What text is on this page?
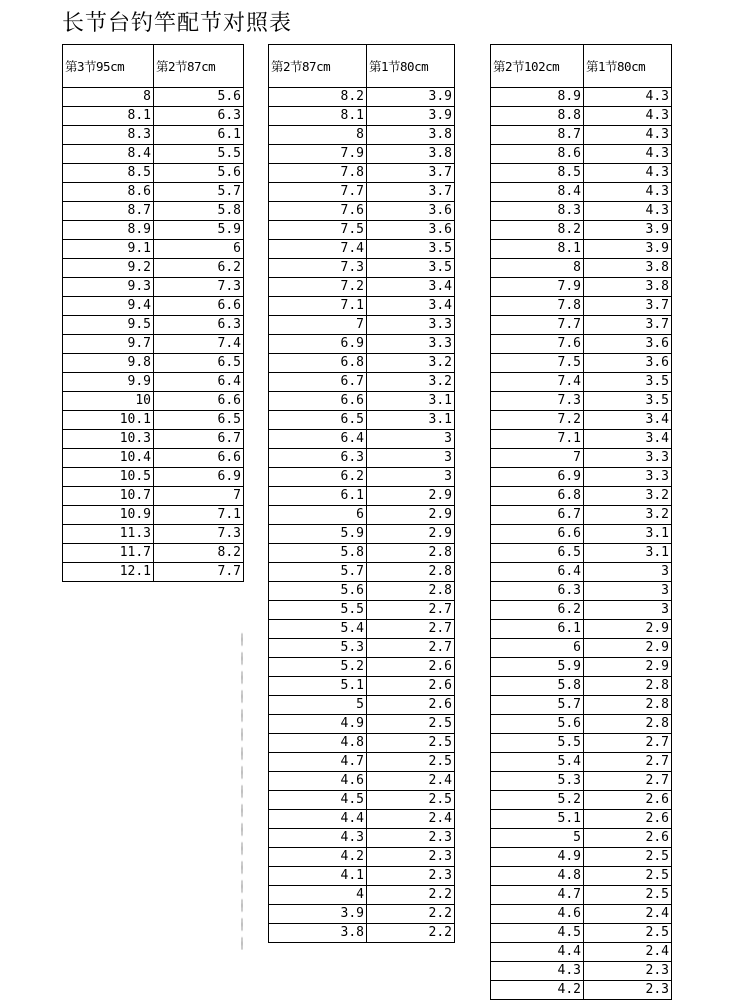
长节台钓竿配节对照表
第3节95cm	第2节87cm
8	5.6
8.1	6.3
8.3	6.1
8.4	5.5
8.5	5.6
8.6	5.7
8.7	5.8
8.9	5.9
9.1	6
9.2	6.2
9.3	7.3
9.4	6.6
9.5	6.3
9.7	7.4
9.8	6.5
9.9	6.4
10	6.6
10.1	6.5
10.3	6.7
10.4	6.6
10.5	6.9
10.7	7
10.9	7.1
11.3	7.3
11.7	8.2
12.1	7.7
第2节87cm	第1节80cm
8.2	3.9
8.1	3.9
8	3.8
7.9	3.8
7.8	3.7
7.7	3.7
7.6	3.6
7.5	3.6
7.4	3.5
7.3	3.5
7.2	3.4
7.1	3.4
7	3.3
6.9	3.3
6.8	3.2
6.7	3.2
6.6	3.1
6.5	3.1
6.4	3
6.3	3
6.2	3
6.1	2.9
6	2.9
5.9	2.9
5.8	2.8
5.7	2.8
5.6	2.8
5.5	2.7
5.4	2.7
5.3	2.7
5.2	2.6
5.1	2.6
5	2.6
4.9	2.5
4.8	2.5
4.7	2.5
4.6	2.4
4.5	2.5
4.4	2.4
4.3	2.3
4.2	2.3
4.1	2.3
4	2.2
3.9	2.2
3.8	2.2
第2节102cm	第1节80cm
8.9	4.3
8.8	4.3
8.7	4.3
8.6	4.3
8.5	4.3
8.4	4.3
8.3	4.3
8.2	3.9
8.1	3.9
8	3.8
7.9	3.8
7.8	3.7
7.7	3.7
7.6	3.6
7.5	3.6
7.4	3.5
7.3	3.5
7.2	3.4
7.1	3.4
7	3.3
6.9	3.3
6.8	3.2
6.7	3.2
6.6	3.1
6.5	3.1
6.4	3
6.3	3
6.2	3
6.1	2.9
6	2.9
5.9	2.9
5.8	2.8
5.7	2.8
5.6	2.8
5.5	2.7
5.4	2.7
5.3	2.7
5.2	2.6
5.1	2.6
5	2.6
4.9	2.5
4.8	2.5
4.7	2.5
4.6	2.4
4.5	2.5
4.4	2.4
4.3	2.3
4.2	2.3
